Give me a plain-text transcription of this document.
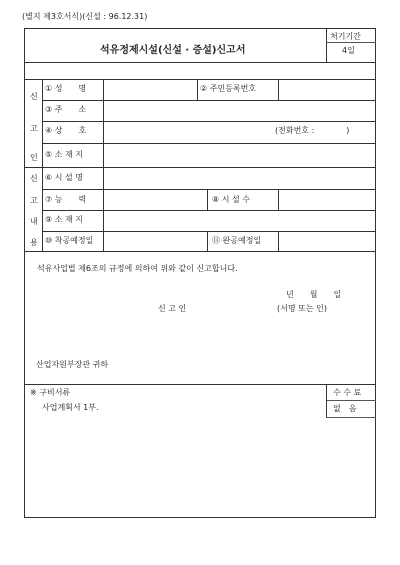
(별지 제3호서식)(신설 : 96.12.31)
석유정제시설(신설 · 증설)신고서
처기기간
4일
신
고
인
신
고
내
용
① 성　　명	② 주민등록번호
③ 주　　소
④ 상　　호	(전화번호 :　　　　)
⑤ 소 재 지
⑥ 시 설 명
⑦ 능　　력	⑧ 시 설 수
⑨ 소 재 지
⑩ 착공예정일	⑪ 완공예정일
석유사업법 제6조의 규정에 의하여 위와 같이 신고합니다.
년　　월　　일
신 고 인	(서명 또는 인)
산업자원부장관 귀하
※ 구비서류
사업계획서 1부.
수 수 료
없　음
